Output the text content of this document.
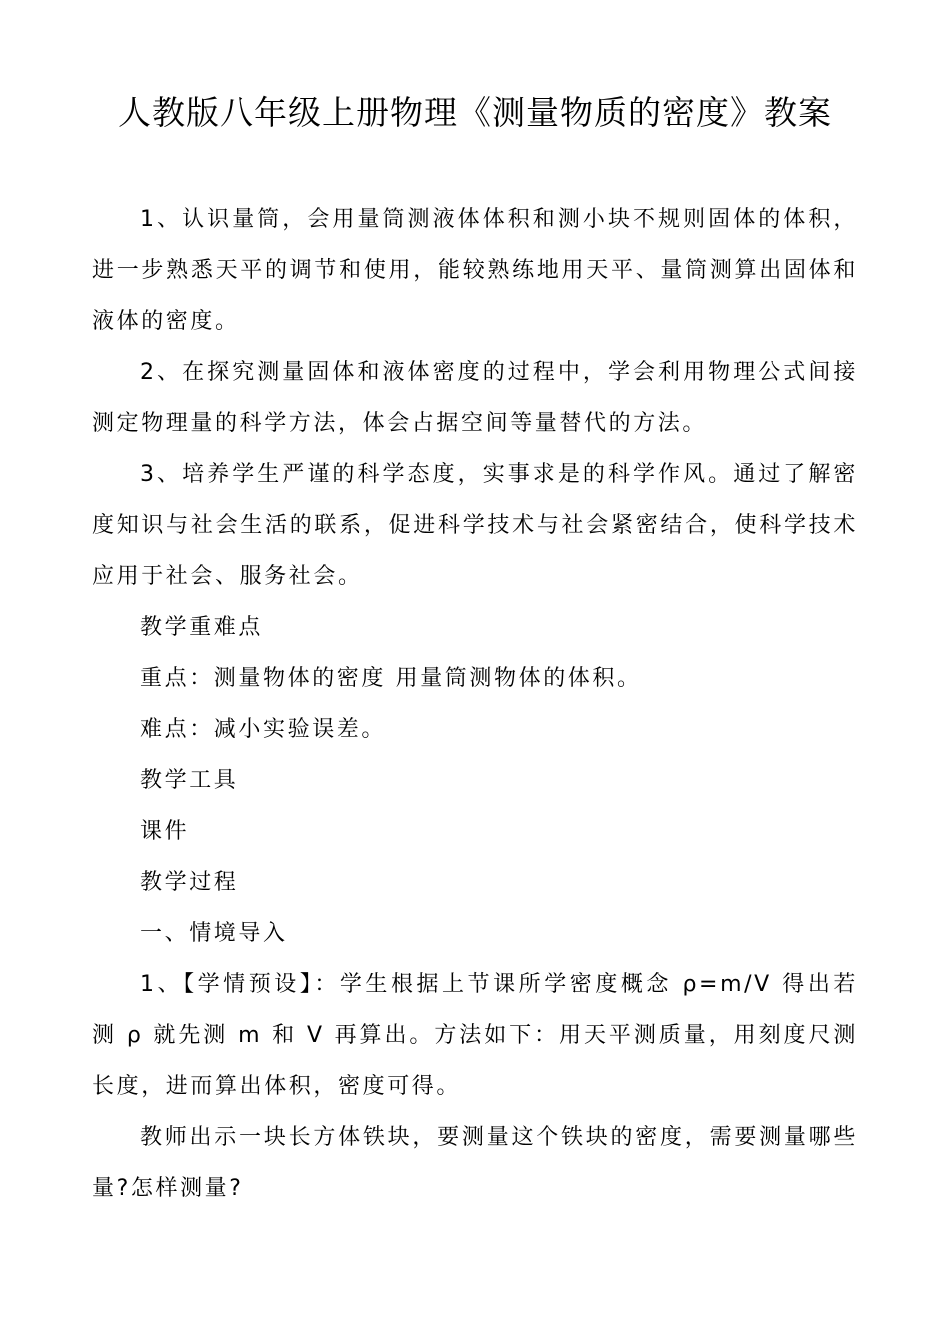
人教版八年级上册物理《测量物质的密度》教案

1、认识量筒，会用量筒测液体体积和测小块不规则固体的体积，进一步熟悉天平的调节和使用，能较熟练地用天平、量筒测算出固体和液体的密度。

2、在探究测量固体和液体密度的过程中，学会利用物理公式间接测定物理量的科学方法，体会占据空间等量替代的方法。

3、培养学生严谨的科学态度，实事求是的科学作风。通过了解密度知识与社会生活的联系，促进科学技术与社会紧密结合，使科学技术应用于社会、服务社会。

教学重难点

重点：测量物体的密度 用量筒测物体的体积。

难点：减小实验误差。

教学工具

课件

教学过程

一、情境导入

1、【学情预设】：学生根据上节课所学密度概念 ρ=m/V 得出若测 ρ 就先测 m 和 V 再算出。方法如下：用天平测质量，用刻度尺测长度，进而算出体积，密度可得。

教师出示一块长方体铁块，要测量这个铁块的密度，需要测量哪些量?怎样测量?
